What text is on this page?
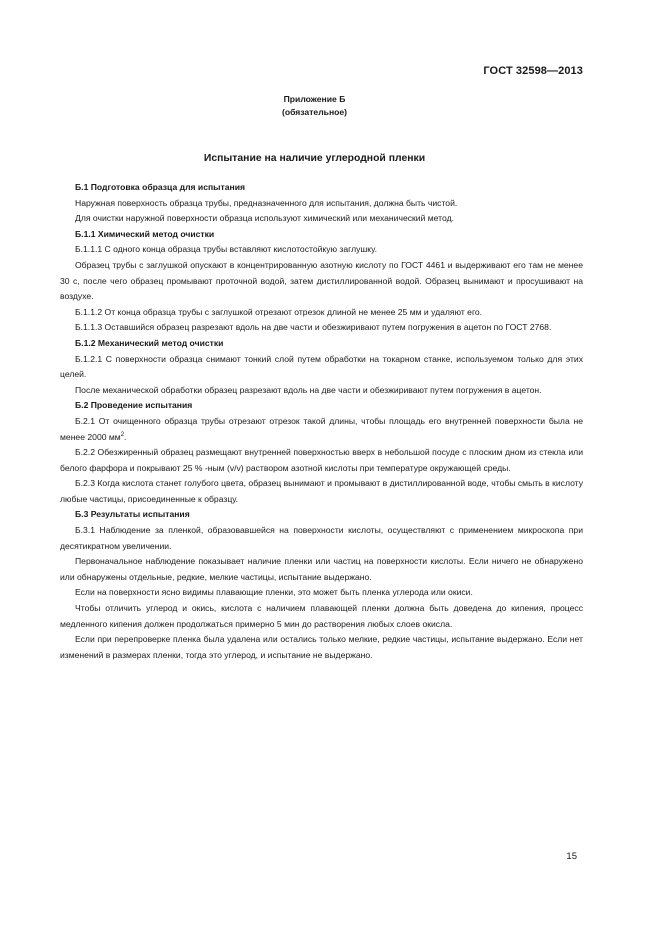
ГОСТ 32598—2013
Приложение Б
(обязательное)
Испытание на наличие углеродной пленки

Б.1 Подготовка образца для испытания

Наружная поверхность образца трубы, предназначенного для испытания, должна быть чистой.

Для очистки наружной поверхности образца используют химический или механический метод.

Б.1.1 Химический метод очистки

Б.1.1.1 С одного конца образца трубы вставляют кислотостойкую заглушку.

Образец трубы с заглушкой опускают в концентрированную азотную кислоту по ГОСТ 4461 и выдерживают его там не менее 30 с, после чего образец промывают проточной водой, затем дистиллированной водой. Образец вынимают и просушивают на воздухе.

Б.1.1.2 От конца образца трубы с заглушкой отрезают отрезок длиной не менее 25 мм и удаляют его.

Б.1.1.3 Оставшийся образец разрезают вдоль на две части и обезжиривают путем погружения в ацетон по ГОСТ 2768.

Б.1.2 Механический метод очистки

Б.1.2.1 С поверхности образца снимают тонкий слой путем обработки на токарном станке, используемом только для этих целей.

После механической обработки образец разрезают вдоль на две части и обезжиривают путем погружения в ацетон.

Б.2 Проведение испытания

Б.2.1 От очищенного образца трубы отрезают отрезок такой длины, чтобы площадь его внутренней поверхности была не менее 2000 $мм^2$.

Б.2.2 Обезжиренный образец размещают внутренней поверхностью вверх в небольшой посуде с плоским дном из стекла или белого фарфора и покрывают 25 % -ным (v/v) раствором азотной кислоты при температуре окружающей среды.

Б.2.3 Когда кислота станет голубого цвета, образец вынимают и промывают в дистиллированной воде, чтобы смыть в кислоту любые частицы, присоединенные к образцу.

Б.3 Результаты испытания

Б.3.1 Наблюдение за пленкой, образовавшейся на поверхности кислоты, осуществляют с применением микроскопа при десятикратном увеличении.

Первоначальное наблюдение показывает наличие пленки или частиц на поверхности кислоты. Если ничего не обнаружено или обнаружены отдельные, редкие, мелкие частицы, испытание выдержано.

Если на поверхности ясно видимы плавающие пленки, это может быть пленка углерода или окиси.

Чтобы отличить углерод и окись, кислота с наличием плавающей пленки должна быть доведена до кипения, процесс медленного кипения должен продолжаться примерно 5 мин до растворения любых слоев окисла.

Если при перепроверке пленка была удалена или остались только мелкие, редкие частицы, испытание выдержано. Если нет изменений в размерах пленки, тогда это углерод, и испытание не выдержано.

15
